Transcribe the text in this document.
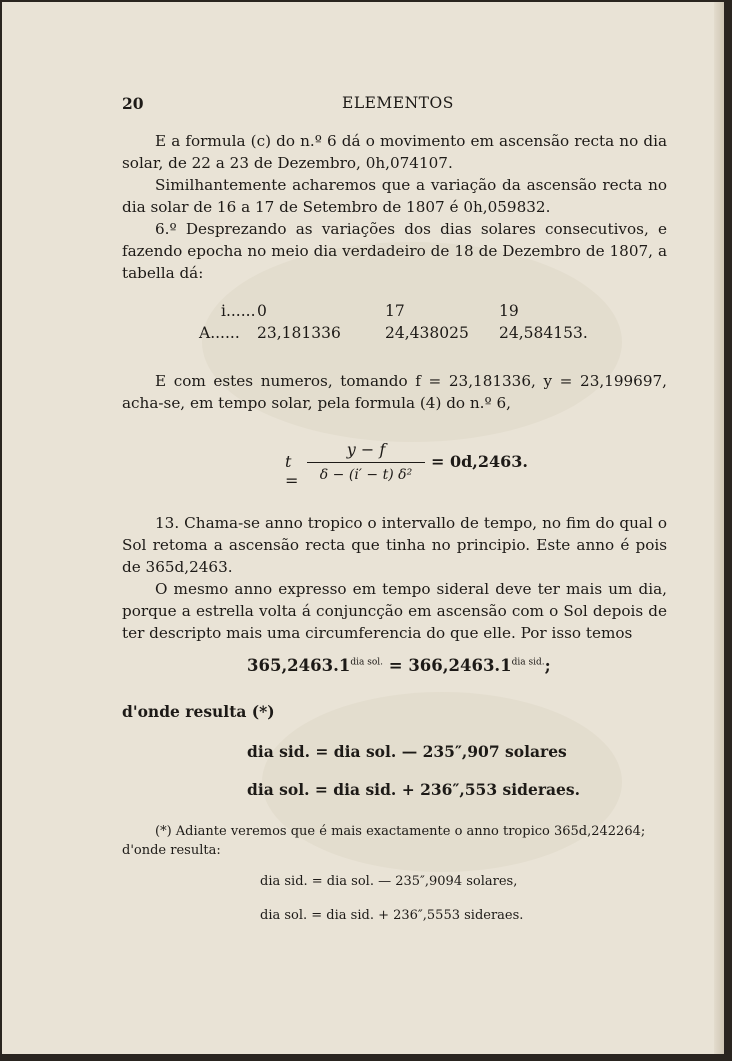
20	ELEMENTOS

E a formula (c) do n.º 6 dá o movimento em ascensão recta no dia solar, de 22 a 23 de Dezembro, 0h,074107.

Similhantemente acharemos que a variação da ascensão recta no dia solar de 16 a 17 de Setembro de 1807 é 0h,059832.

6.º Desprezando as variações dos dias solares consecutivos, e fazendo epocha no meio dia verdadeiro de 18 de Dezembro de 1807, a tabella dá:

i...... 0	17	19
A...... 23,181336	24,438025 24,584153.

E com estes numeros, tomando f = 23,181336, y = 23,199697, acha-se, em tempo solar, pela formula (4) do n.º 6,

t =
y − f
δ − (i′ − t) δ²
= 0d,2463.

13. Chama-se anno tropico o intervallo de tempo, no fim do qual o Sol retoma a ascensão recta que tinha no principio. Este anno é pois de 365d,2463.

O mesmo anno expresso em tempo sideral deve ter mais um dia, porque a estrella volta á conjuncção em ascensão com o Sol depois de ter descripto mais uma circumferencia do que elle. Por isso temos

$365,2463.1^{dia sol.} = 366,2463.1^{dia sid.}$;
d'onde resulta (*)
dia sid. = dia sol. — 235″,907 solares
dia sol. = dia sid. + 236″,553 sideraes.

(*) Adiante veremos que é mais exactamente o anno tropico 365d,242264; d'onde resulta:

dia sid. = dia sol. — 235″,9094 solares,
dia sol. = dia sid. + 236″,5553 sideraes.
